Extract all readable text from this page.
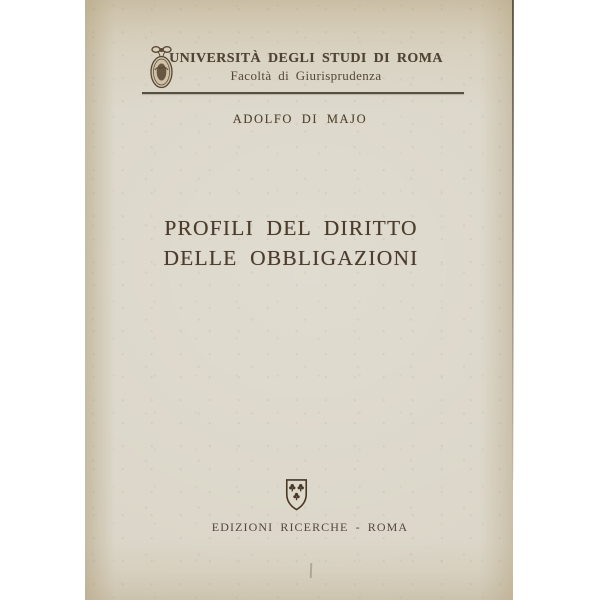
UNIVERSITÀ DEGLI STUDI DI ROMA
Facoltà di Giurisprudenza
ADOLFO DI MAJO
PROFILI DEL DIRITTO
DELLE OBBLIGAZIONI
EDIZIONI RICERCHE - ROMA
